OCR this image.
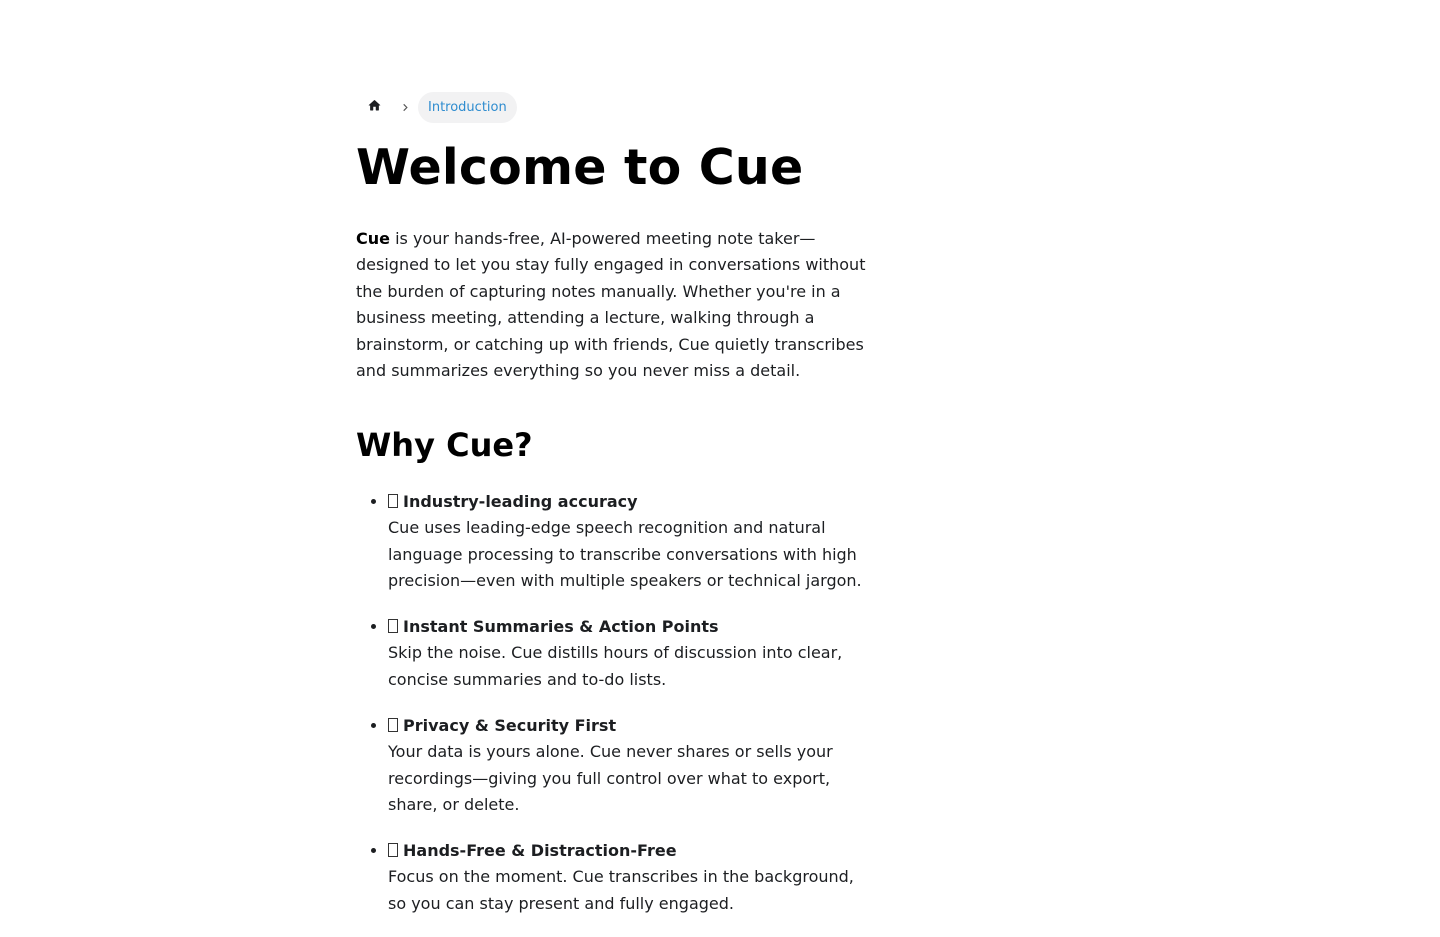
Introduction
Welcome to Cue

Cue is your hands-free, AI-powered meeting note taker—designed to let you stay fully engaged in conversations without the burden of capturing notes manually. Whether you're in a business meeting, attending a lecture, walking through a brainstorm, or catching up with friends, Cue quietly transcribes and summarizes everything so you never miss a detail.

Why Cue?
• Industry-leading accuracy
Cue uses leading-edge speech recognition and natural language processing to transcribe conversations with high precision—even with multiple speakers or technical jargon.
• Instant Summaries & Action Points
Skip the noise. Cue distills hours of discussion into clear, concise summaries and to-do lists.
• Privacy & Security First
Your data is yours alone. Cue never shares or sells your recordings—giving you full control over what to export, share, or delete.
• Hands-Free & Distraction-Free
Focus on the moment. Cue transcribes in the background, so you can stay present and fully engaged.
